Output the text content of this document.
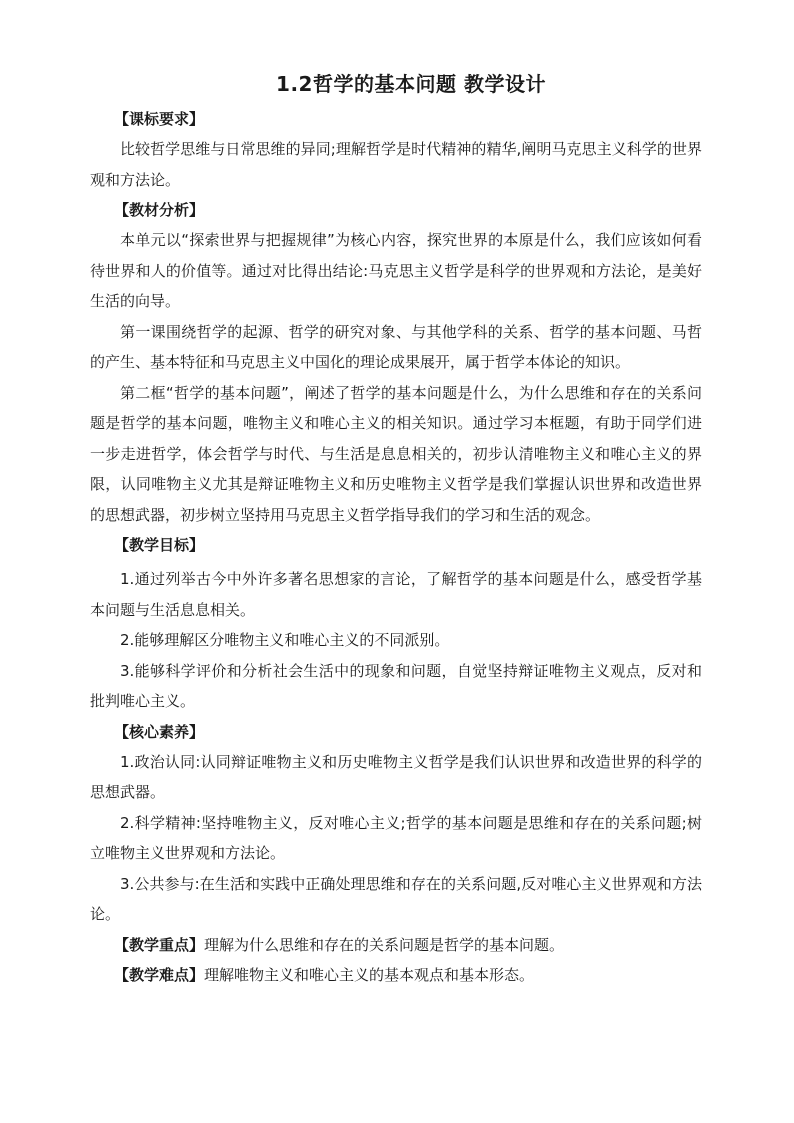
1.2哲学的基本问题 教学设计

【课标要求】

比较哲学思维与日常思维的异同;理解哲学是时代精神的精华,阐明马克思主义科学的世界观和方法论。

【教材分析】

本单元以“探索世界与把握规律”为核心内容，探究世界的本原是什么，我们应该如何看待世界和人的价值等。通过对比得出结论:马克思主义哲学是科学的世界观和方法论，是美好生活的向导。

第一课围绕哲学的起源、哲学的研究对象、与其他学科的关系、哲学的基本问题、马哲的产生、基本特征和马克思主义中国化的理论成果展开，属于哲学本体论的知识。

第二框“哲学的基本问题”，阐述了哲学的基本问题是什么，为什么思维和存在的关系问题是哲学的基本问题，唯物主义和唯心主义的相关知识。通过学习本框题，有助于同学们进一步走进哲学，体会哲学与时代、与生活是息息相关的，初步认清唯物主义和唯心主义的界限，认同唯物主义尤其是辩证唯物主义和历史唯物主义哲学是我们掌握认识世界和改造世界的思想武器，初步树立坚持用马克思主义哲学指导我们的学习和生活的观念。

【教学目标】

1.通过列举古今中外许多著名思想家的言论，了解哲学的基本问题是什么，感受哲学基本问题与生活息息相关。

2.能够理解区分唯物主义和唯心主义的不同派别。

3.能够科学评价和分析社会生活中的现象和问题，自觉坚持辩证唯物主义观点，反对和批判唯心主义。

【核心素养】

1.政治认同:认同辩证唯物主义和历史唯物主义哲学是我们认识世界和改造世界的科学的思想武器。

2.科学精神:坚持唯物主义，反对唯心主义;哲学的基本问题是思维和存在的关系问题;树立唯物主义世界观和方法论。

3.公共参与:在生活和实践中正确处理思维和存在的关系问题,反对唯心主义世界观和方法论。

【教学重点】理解为什么思维和存在的关系问题是哲学的基本问题。

【教学难点】理解唯物主义和唯心主义的基本观点和基本形态。
